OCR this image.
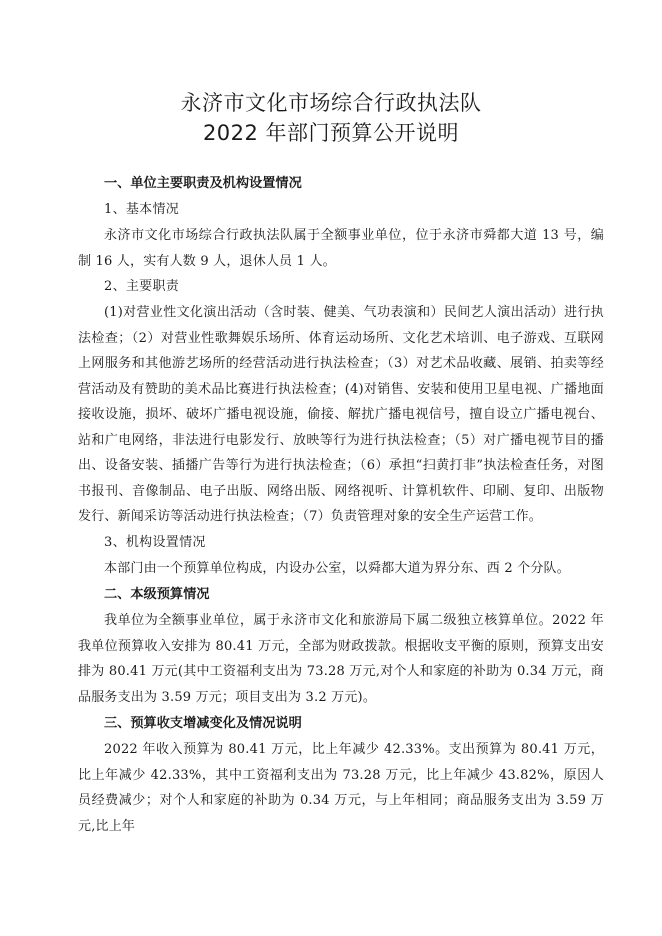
永济市文化市场综合行政执法队
2022 年部门预算公开说明
一、单位主要职责及机构设置情况
1、基本情况
永济市文化市场综合行政执法队属于全额事业单位，位于永济市舜都大道 13 号，编制 16 人，实有人数 9 人，退休人员 1 人。
2、主要职责
(1)对营业性文化演出活动（含时装、健美、气功表演和）民间艺人演出活动）进行执法检查；（2）对营业性歌舞娱乐场所、体育运动场所、文化艺术培训、电子游戏、互联网上网服务和其他游艺场所的经营活动进行执法检查；（3）对艺术品收藏、展销、拍卖等经营活动及有赞助的美术品比赛进行执法检查；(4)对销售、安装和使用卫星电视、广播地面接收设施，损坏、破坏广播电视设施，偷接、解扰广播电视信号，擅自设立广播电视台、站和广电网络，非法进行电影发行、放映等行为进行执法检查；（5）对广播电视节目的播出、设备安装、插播广告等行为进行执法检查；（6）承担“扫黄打非”执法检查任务，对图书报刊、音像制品、电子出版、网络出版、网络视听、计算机软件、印刷、复印、出版物发行、新闻采访等活动进行执法检查；（7）负责管理对象的安全生产运营工作。
3、机构设置情况
本部门由一个预算单位构成，内设办公室，以舜都大道为界分东、西 2 个分队。
二、本级预算情况
我单位为全额事业单位，属于永济市文化和旅游局下属二级独立核算单位。2022 年我单位预算收入安排为 80.41 万元，全部为财政拨款。根据收支平衡的原则，预算支出安排为 80.41 万元(其中工资福利支出为 73.28 万元,对个人和家庭的补助为 0.34 万元，商品服务支出为 3.59 万元；项目支出为 3.2 万元)。
三、预算收支增减变化及情况说明
2022 年收入预算为 80.41 万元，比上年减少 42.33%。支出预算为 80.41 万元，比上年减少 42.33%，其中工资福利支出为 73.28 万元，比上年减少 43.82%，原因人员经费减少；对个人和家庭的补助为 0.34 万元，与上年相同；商品服务支出为 3.59 万元,比上年
